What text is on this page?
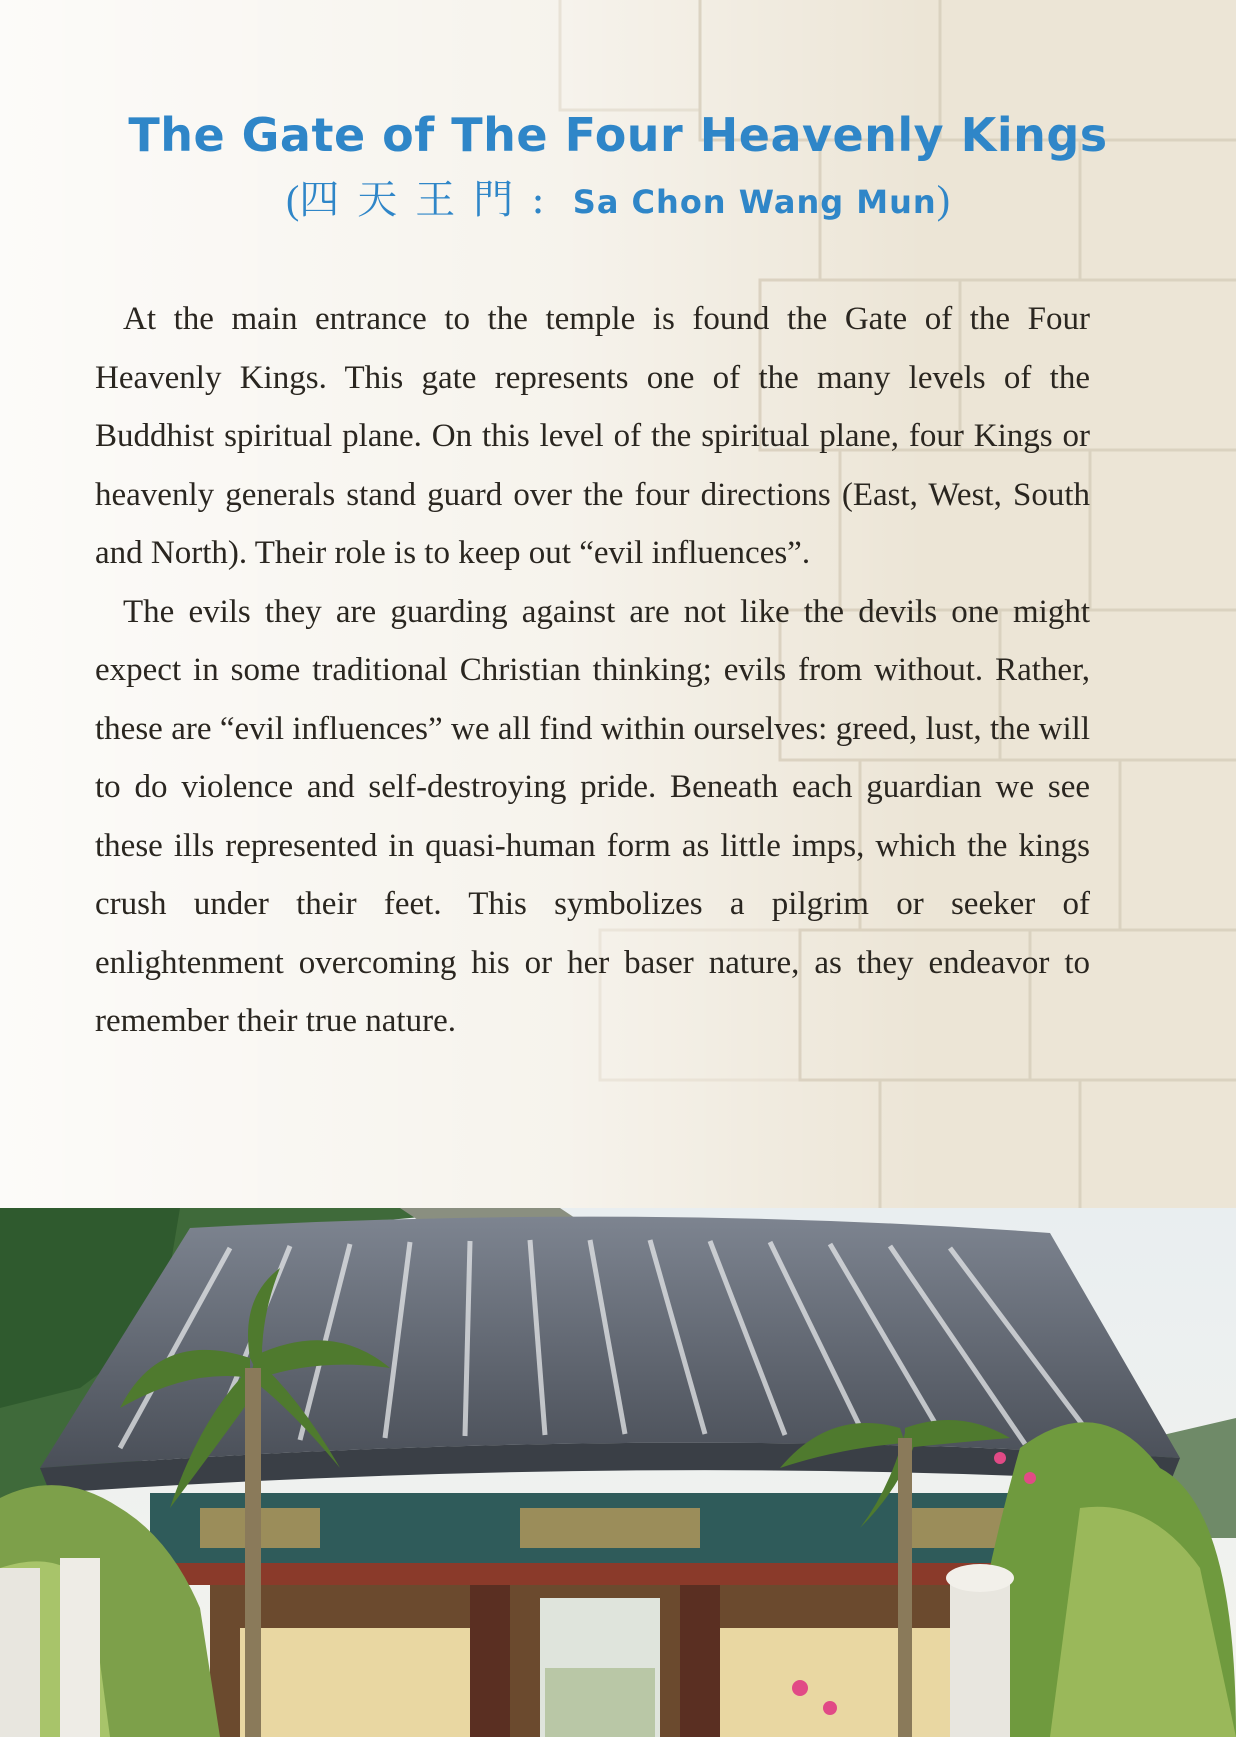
The Gate of The Four Heavenly Kings
(四天王門: Sa Chon Wang Mun)

At the main entrance to the temple is found the Gate of the Four Heavenly Kings. This gate represents one of the many levels of the Buddhist spiritual plane. On this level of the spiritual plane, four Kings or heavenly generals stand guard over the four directions (East, West, South and North). Their role is to keep out “evil influences”.

The evils they are guarding against are not like the devils one might expect in some traditional Christian thinking; evils from without. Rather, these are “evil influences” we all find within ourselves: greed, lust, the will to do violence and self-destroying pride. Beneath each guardian we see these ills represented in quasi-human form as little imps, which the kings crush under their feet. This symbolizes a pilgrim or seeker of enlightenment overcoming his or her baser nature, as they endeavor to remember their true nature.
